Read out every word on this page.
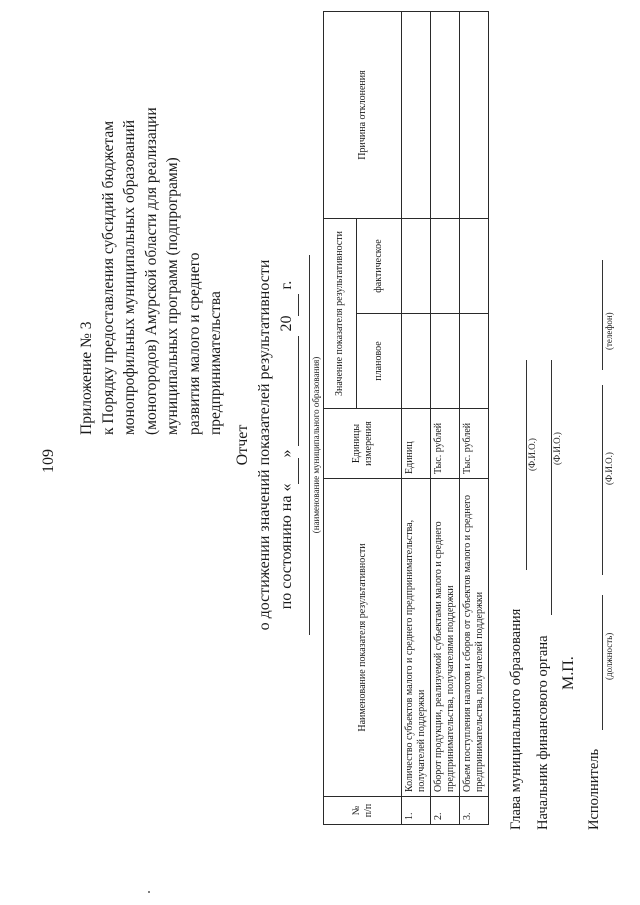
109
Приложение № 3 к Порядку предоставления субсидий бюджетам монопрофильных муниципальных образований (моногородов) Амурской области для реализации муниципальных программ (подпрограмм) развития малого и среднего предпринимательства
Отчет о достижении значений показателей результативности по состоянию на « »   20  г.
(наименование муниципального образования)
№ п/п	Наименование показателя результативности	Единицы измерения	Значение показателя результативности		Причина отклонения
			плановое	фактическое	
1.	Количество субъектов малого и среднего предпринимательства, получателей поддержки	Единиц			
2.	Оборот продукции, реализуемой субъектами малого и среднего предпринимательства, получателями поддержки	Тыс. рублей			
3.	Объем поступления налогов и сборов от субъектов малого и среднего предпринимательства, получателей поддержки	Тыс. рублей			
Глава муниципального образования
(Ф.И.О.)
Начальник финансового органа
(Ф.И.О.)
М.П.
Исполнитель
(должность)
(Ф.И.О.)
(телефон)
